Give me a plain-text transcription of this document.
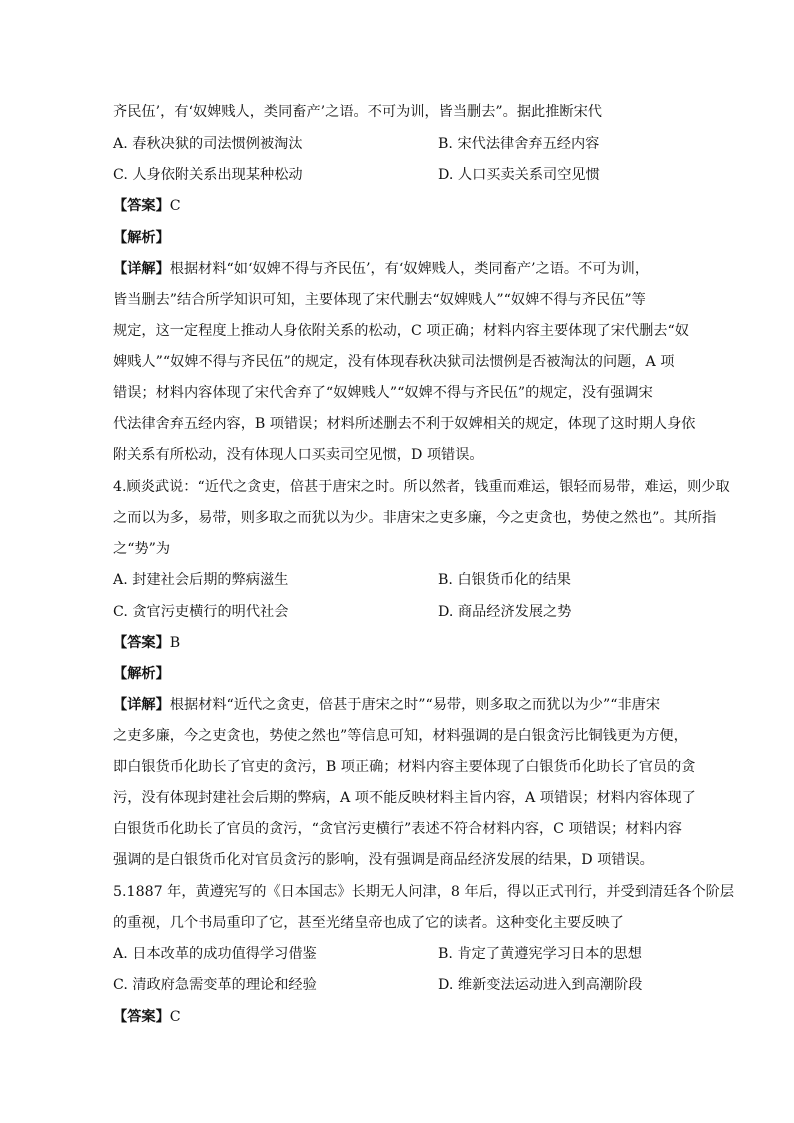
齐民伍’，有‘奴婢贱人，类同畜产’之语。不可为训，皆当删去”。据此推断宋代
A. 春秋决狱的司法惯例被淘汰	B. 宋代法律舍弃五经内容
C. 人身依附关系出现某种松动	D. 人口买卖关系司空见惯
【答案】C
【解析】
【详解】根据材料“如‘奴婢不得与齐民伍’，有‘奴婢贱人，类同畜产’之语。不可为训，
皆当删去”结合所学知识可知，主要体现了宋代删去“奴婢贱人”“奴婢不得与齐民伍”等
规定，这一定程度上推动人身依附关系的松动，C 项正确；材料内容主要体现了宋代删去“奴
婢贱人”“奴婢不得与齐民伍”的规定，没有体现春秋决狱司法惯例是否被淘汰的问题，A 项
错误；材料内容体现了宋代舍弃了“奴婢贱人”“奴婢不得与齐民伍”的规定，没有强调宋
代法律舍弃五经内容，B 项错误；材料所述删去不利于奴婢相关的规定，体现了这时期人身依
附关系有所松动，没有体现人口买卖司空见惯，D 项错误。
4.顾炎武说：“近代之贪吏，倍甚于唐宋之时。所以然者，钱重而难运，银轻而易带，难运，则少取
之而以为多，易带，则多取之而犹以为少。非唐宋之吏多廉，今之吏贪也，势使之然也”。其所指
之“势”为
A. 封建社会后期的弊病滋生	B. 白银货币化的结果
C. 贪官污吏横行的明代社会	D. 商品经济发展之势
【答案】B
【解析】
【详解】根据材料“近代之贪吏，倍甚于唐宋之时”“易带，则多取之而犹以为少”“非唐宋
之吏多廉，今之吏贪也，势使之然也”等信息可知，材料强调的是白银贪污比铜钱更为方便，
即白银货币化助长了官吏的贪污，B 项正确；材料内容主要体现了白银货币化助长了官员的贪
污，没有体现封建社会后期的弊病，A 项不能反映材料主旨内容，A 项错误；材料内容体现了
白银货币化助长了官员的贪污，“贪官污吏横行”表述不符合材料内容，C 项错误；材料内容
强调的是白银货币化对官员贪污的影响，没有强调是商品经济发展的结果，D 项错误。
5.1887 年，黄遵宪写的《日本国志》长期无人问津，8 年后，得以正式刊行，并受到清廷各个阶层
的重视，几个书局重印了它，甚至光绪皇帝也成了它的读者。这种变化主要反映了
A. 日本改革的成功值得学习借鉴	B. 肯定了黄遵宪学习日本的思想
C. 清政府急需变革的理论和经验	D. 维新变法运动进入到高潮阶段
【答案】C
